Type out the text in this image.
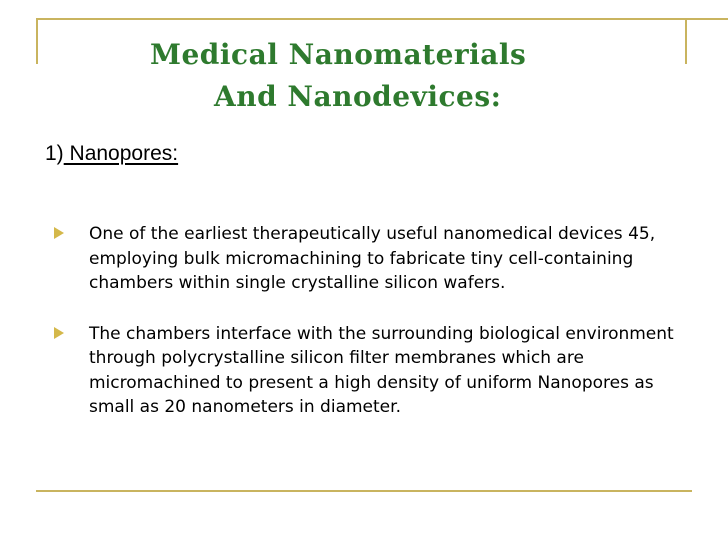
Medical Nanomaterials
And Nanodevices:
1) Nanopores:
One of the earliest therapeutically useful nanomedical devices 45, employing bulk micromachining to fabricate tiny cell-containing chambers within single crystalline silicon wafers.
The chambers interface with the surrounding biological environment through polycrystalline silicon filter membranes which are micromachined to present a high density of uniform Nanopores as small as 20 nanometers in diameter.
